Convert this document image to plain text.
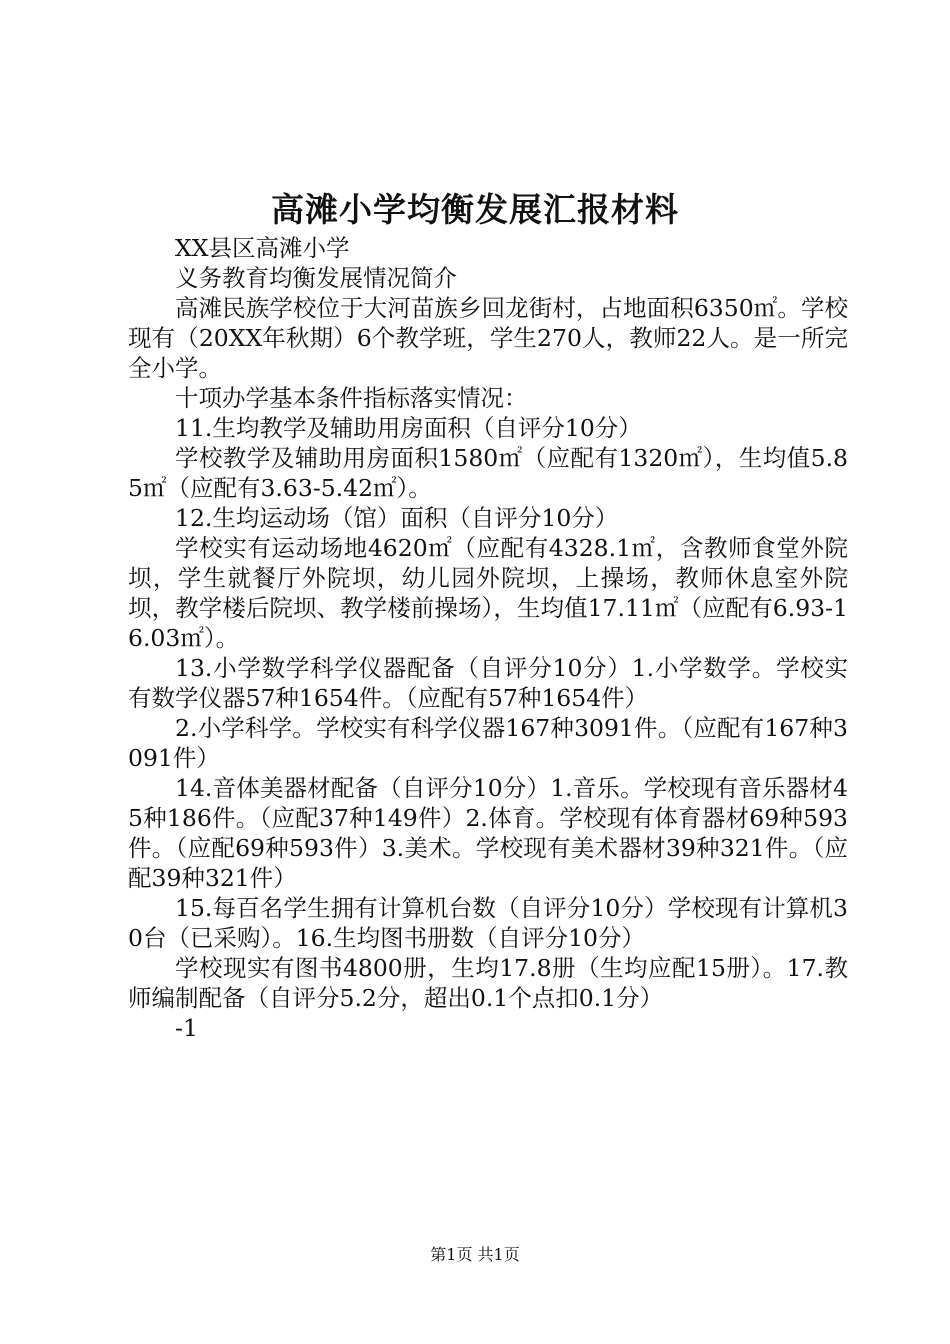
高滩小学均衡发展汇报材料

XX县区高滩小学

义务教育均衡发展情况简介

高滩民族学校位于大河苗族乡回龙街村，占地面积6350㎡。学校现有（20XX年秋期）6个教学班，学生270人，教师22人。是一所完全小学。

十项办学基本条件指标落实情况：

11.生均教学及辅助用房面积（自评分10分）

学校教学及辅助用房面积1580㎡（应配有1320㎡），生均值5.85㎡（应配有3.63-5.42㎡）。

12.生均运动场（馆）面积（自评分10分）

学校实有运动场地4620㎡（应配有4328.1㎡，含教师食堂外院坝，学生就餐厅外院坝，幼儿园外院坝，上操场，教师休息室外院坝，教学楼后院坝、教学楼前操场），生均值17.11㎡（应配有6.93-16.03㎡）。

13.小学数学科学仪器配备（自评分10分）1.小学数学。学校实有数学仪器57种1654件。（应配有57种1654件）

2.小学科学。学校实有科学仪器167种3091件。（应配有167种3091件）

14.音体美器材配备（自评分10分）1.音乐。学校现有音乐器材45种186件。（应配37种149件）2.体育。学校现有体育器材69种593件。（应配69种593件）3.美术。学校现有美术器材39种321件。（应配39种321件）

15.每百名学生拥有计算机台数（自评分10分）学校现有计算机30台（已采购）。16.生均图书册数（自评分10分）

学校现实有图书4800册，生均17.8册（生均应配15册）。17.教师编制配备（自评分5.2分，超出0.1个点扣0.1分）

-1

第1页 共1页
